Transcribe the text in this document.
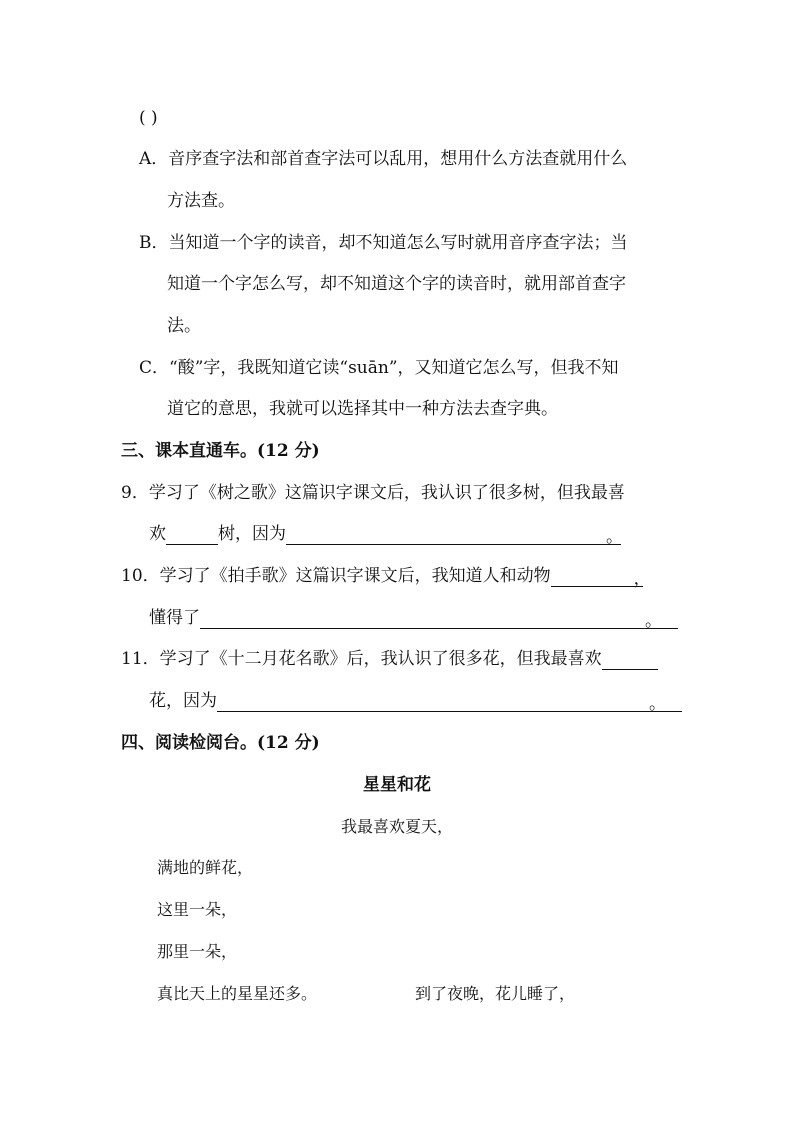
( )
A．音序查字法和部首查字法可以乱用，想用什么方法查就用什么
方法查。
B．当知道一个字的读音，却不知道怎么写时就用音序查字法；当
知道一个字怎么写，却不知道这个字的读音时，就用部首查字
法。
C．“酸”字，我既知道它读“suān”，又知道它怎么写，但我不知
道它的意思，我就可以选择其中一种方法去查字典。
三、课本直通车。(12 分)
9．学习了《树之歌》这篇识字课文后，我认识了很多树，但我最喜
欢	树，因为	。
10．学习了《拍手歌》这篇识字课文后，我知道人和动物	，
懂得了	。
11．学习了《十二月花名歌》后，我认识了很多花，但我最喜欢
花，因为	。
四、阅读检阅台。(12 分)
星星和花
我最喜欢夏天，
满地的鲜花，
这里一朵，
那里一朵，
真比天上的星星还多。	到了夜晚，花儿睡了，
